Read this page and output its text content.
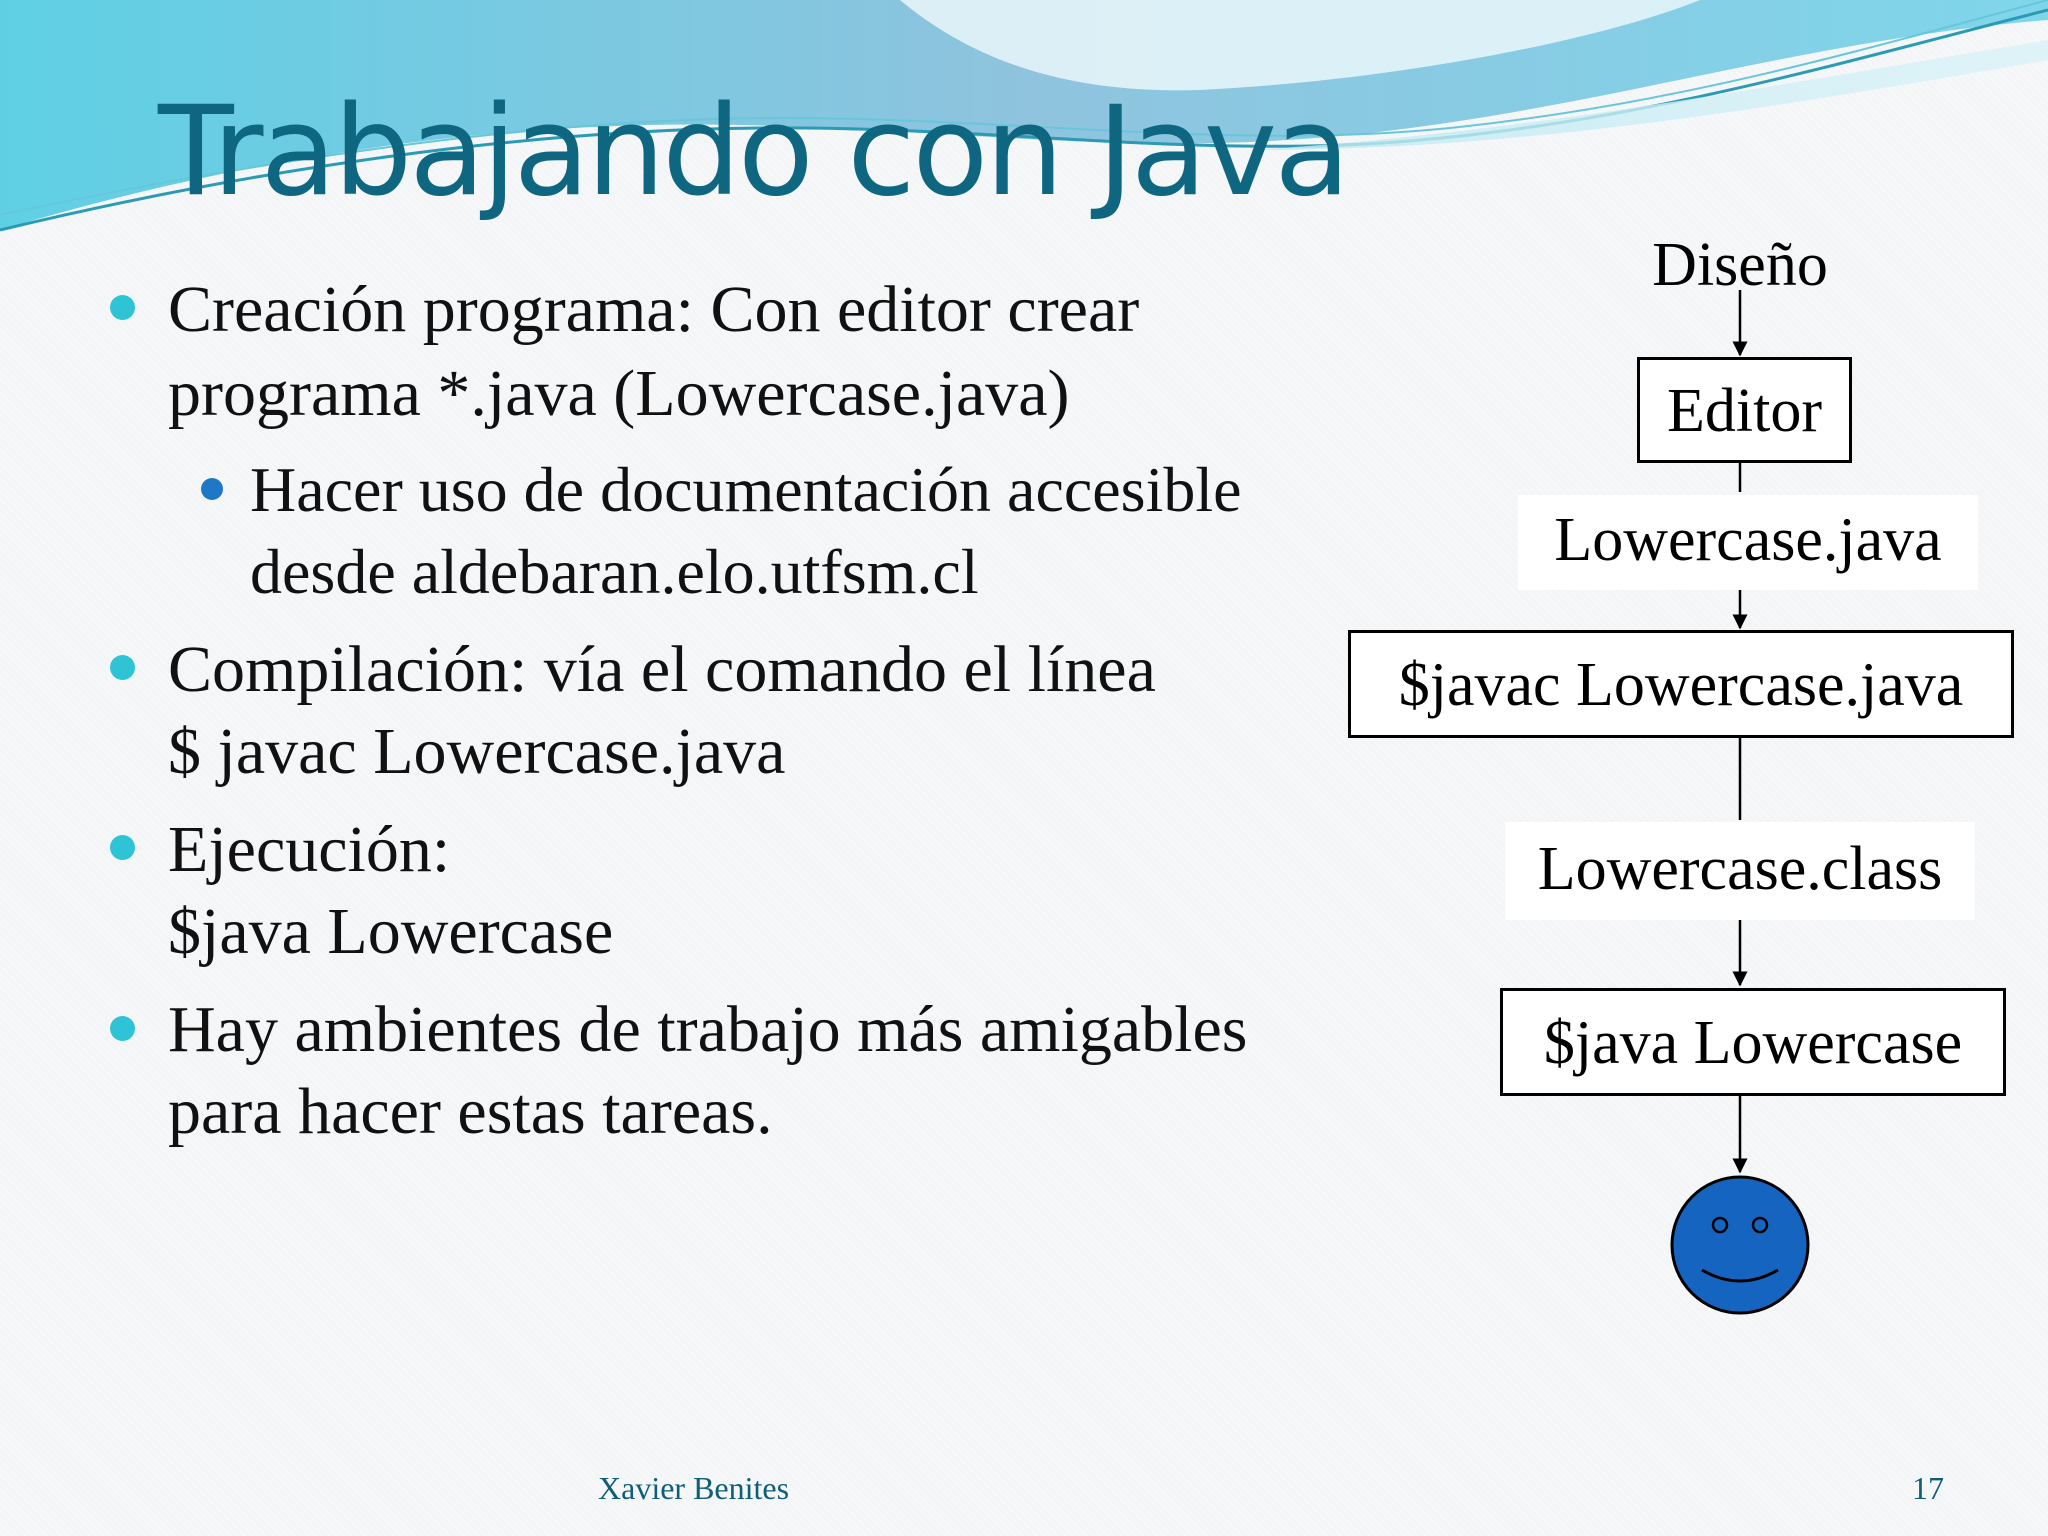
Trabajando con Java

Creación programa: Con editor crear

programa *.java (Lowercase.java)

Hacer uso de documentación accesible

desde aldebaran.elo.utfsm.cl

Compilación: vía el comando el línea

$ javac Lowercase.java

Ejecución:

$java Lowercase

Hay ambientes de trabajo más amigables

para hacer estas tareas.

Diseño
Editor
Lowercase.java
$javac Lowercase.java
Lowercase.class
$java Lowercase
Xavier Benites	17
